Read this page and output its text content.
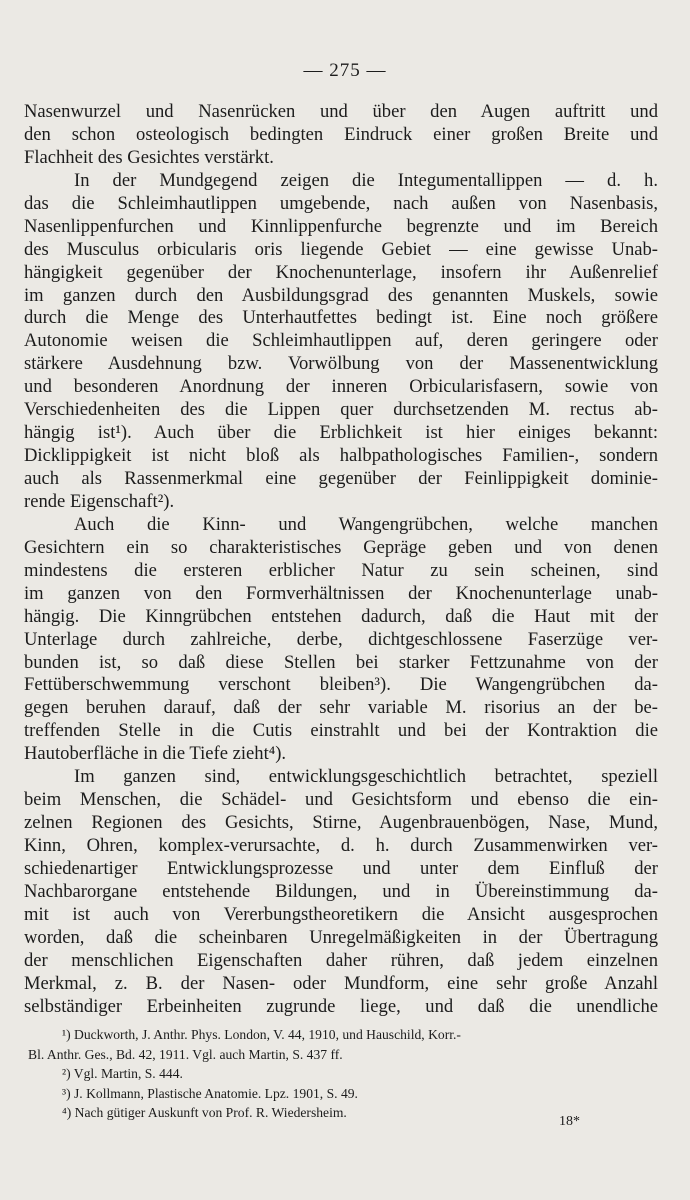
— 275 —
Nasenwurzel und Nasenrücken und über den Augen auftritt und
den schon osteologisch bedingten Eindruck einer großen Breite und
Flachheit des Gesichtes verstärkt.
In der Mundgegend zeigen die Integumentallippen — d. h.
das die Schleimhautlippen umgebende, nach außen von Nasenbasis,
Nasenlippenfurchen und Kinnlippenfurche begrenzte und im Bereich
des Musculus orbicularis oris liegende Gebiet — eine gewisse Unab-
hängigkeit gegenüber der Knochenunterlage, insofern ihr Außenrelief
im ganzen durch den Ausbildungsgrad des genannten Muskels, sowie
durch die Menge des Unterhautfettes bedingt ist. Eine noch größere
Autonomie weisen die Schleimhautlippen auf, deren geringere oder
stärkere Ausdehnung bzw. Vorwölbung von der Massenentwicklung
und besonderen Anordnung der inneren Orbicularisfasern, sowie von
Verschiedenheiten des die Lippen quer durchsetzenden M. rectus ab-
hängig ist¹). Auch über die Erblichkeit ist hier einiges bekannt:
Dicklippigkeit ist nicht bloß als halbpathologisches Familien-, sondern
auch als Rassenmerkmal eine gegenüber der Feinlippigkeit dominie-
rende Eigenschaft²).
Auch die Kinn- und Wangengrübchen, welche manchen
Gesichtern ein so charakteristisches Gepräge geben und von denen
mindestens die ersteren erblicher Natur zu sein scheinen, sind
im ganzen von den Formverhältnissen der Knochenunterlage unab-
hängig. Die Kinngrübchen entstehen dadurch, daß die Haut mit der
Unterlage durch zahlreiche, derbe, dichtgeschlossene Faserzüge ver-
bunden ist, so daß diese Stellen bei starker Fettzunahme von der
Fettüberschwemmung verschont bleiben³). Die Wangengrübchen da-
gegen beruhen darauf, daß der sehr variable M. risorius an der be-
treffenden Stelle in die Cutis einstrahlt und bei der Kontraktion die
Hautoberfläche in die Tiefe zieht⁴).
Im ganzen sind, entwicklungsgeschichtlich betrachtet, speziell
beim Menschen, die Schädel- und Gesichtsform und ebenso die ein-
zelnen Regionen des Gesichts, Stirne, Augenbrauenbögen, Nase, Mund,
Kinn, Ohren, komplex-verursachte, d. h. durch Zusammenwirken ver-
schiedenartiger Entwicklungsprozesse und unter dem Einfluß der
Nachbarorgane entstehende Bildungen, und in Übereinstimmung da-
mit ist auch von Vererbungstheoretikern die Ansicht ausgesprochen
worden, daß die scheinbaren Unregelmäßigkeiten in der Übertragung
der menschlichen Eigenschaften daher rühren, daß jedem einzelnen
Merkmal, z. B. der Nasen- oder Mundform, eine sehr große Anzahl
selbständiger Erbeinheiten zugrunde liege, und daß die unendliche
¹) Duckworth, J. Anthr. Phys. London, V. 44, 1910, und Hauschild, Korr.-
Bl. Anthr. Ges., Bd. 42, 1911. Vgl. auch Martin, S. 437 ff.
²) Vgl. Martin, S. 444.
³) J. Kollmann, Plastische Anatomie. Lpz. 1901, S. 49.
⁴) Nach gütiger Auskunft von Prof. R. Wiedersheim.
18*
